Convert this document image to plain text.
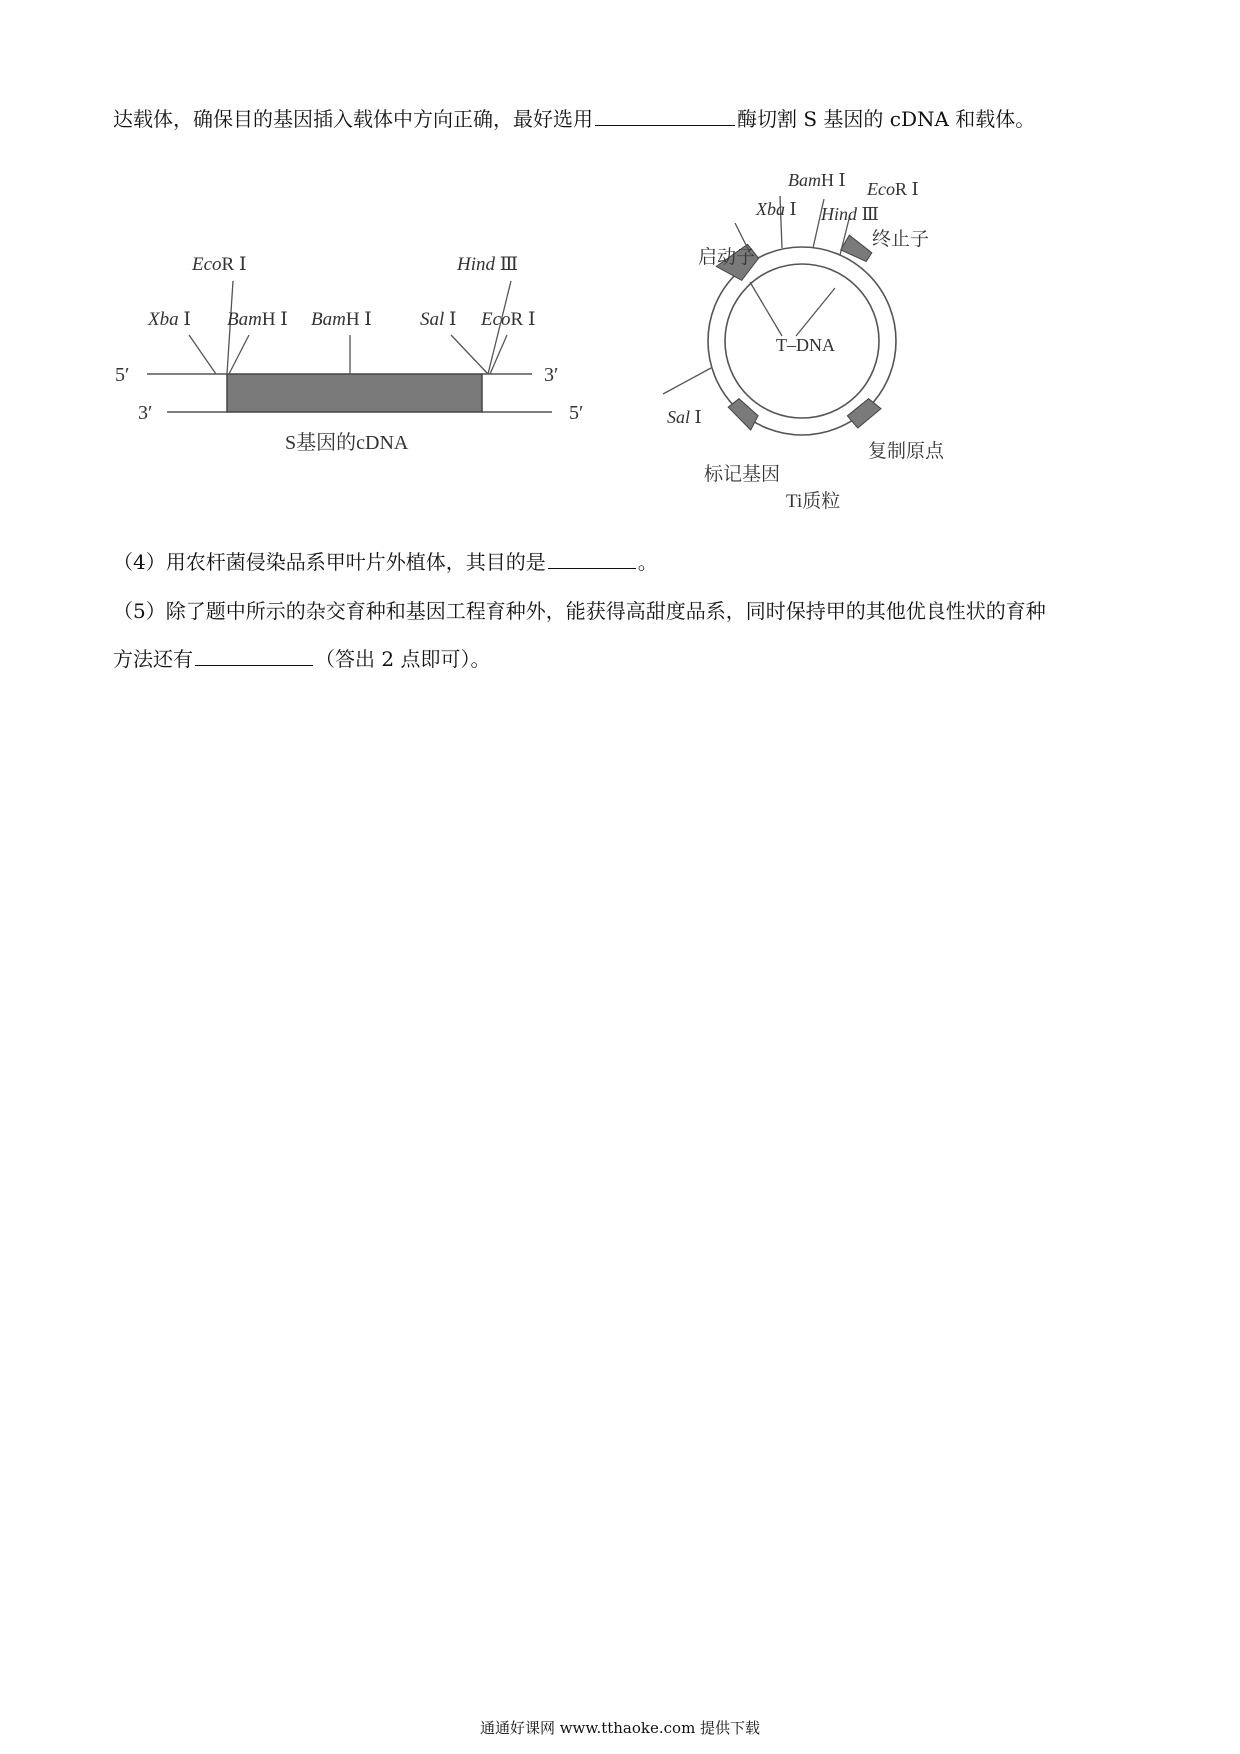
达载体，确保目的基因插入载体中方向正确，最好选用	酶切割 S 基因的 cDNA 和载体。
5′	3′
3′	5′
S基因的cDNA
EcoR Ⅰ
Xba Ⅰ BamH Ⅰ BamH Ⅰ
Hind Ⅲ
Sal Ⅰ EcoR Ⅰ
BamH Ⅰ
Xba Ⅰ
EcoR Ⅰ
Hind Ⅲ
Sal Ⅰ
启动子
终止子
T–DNA
标记基因
复制原点
Ti质粒
（4）用农杆菌侵染品系甲叶片外植体，其目的是	。
（5）除了题中所示的杂交育种和基因工程育种外，能获得高甜度品系，同时保持甲的其他优良性状的育种
方法还有	（答出 2 点即可）。
通通好课网 www.tthaoke.com 提供下载
